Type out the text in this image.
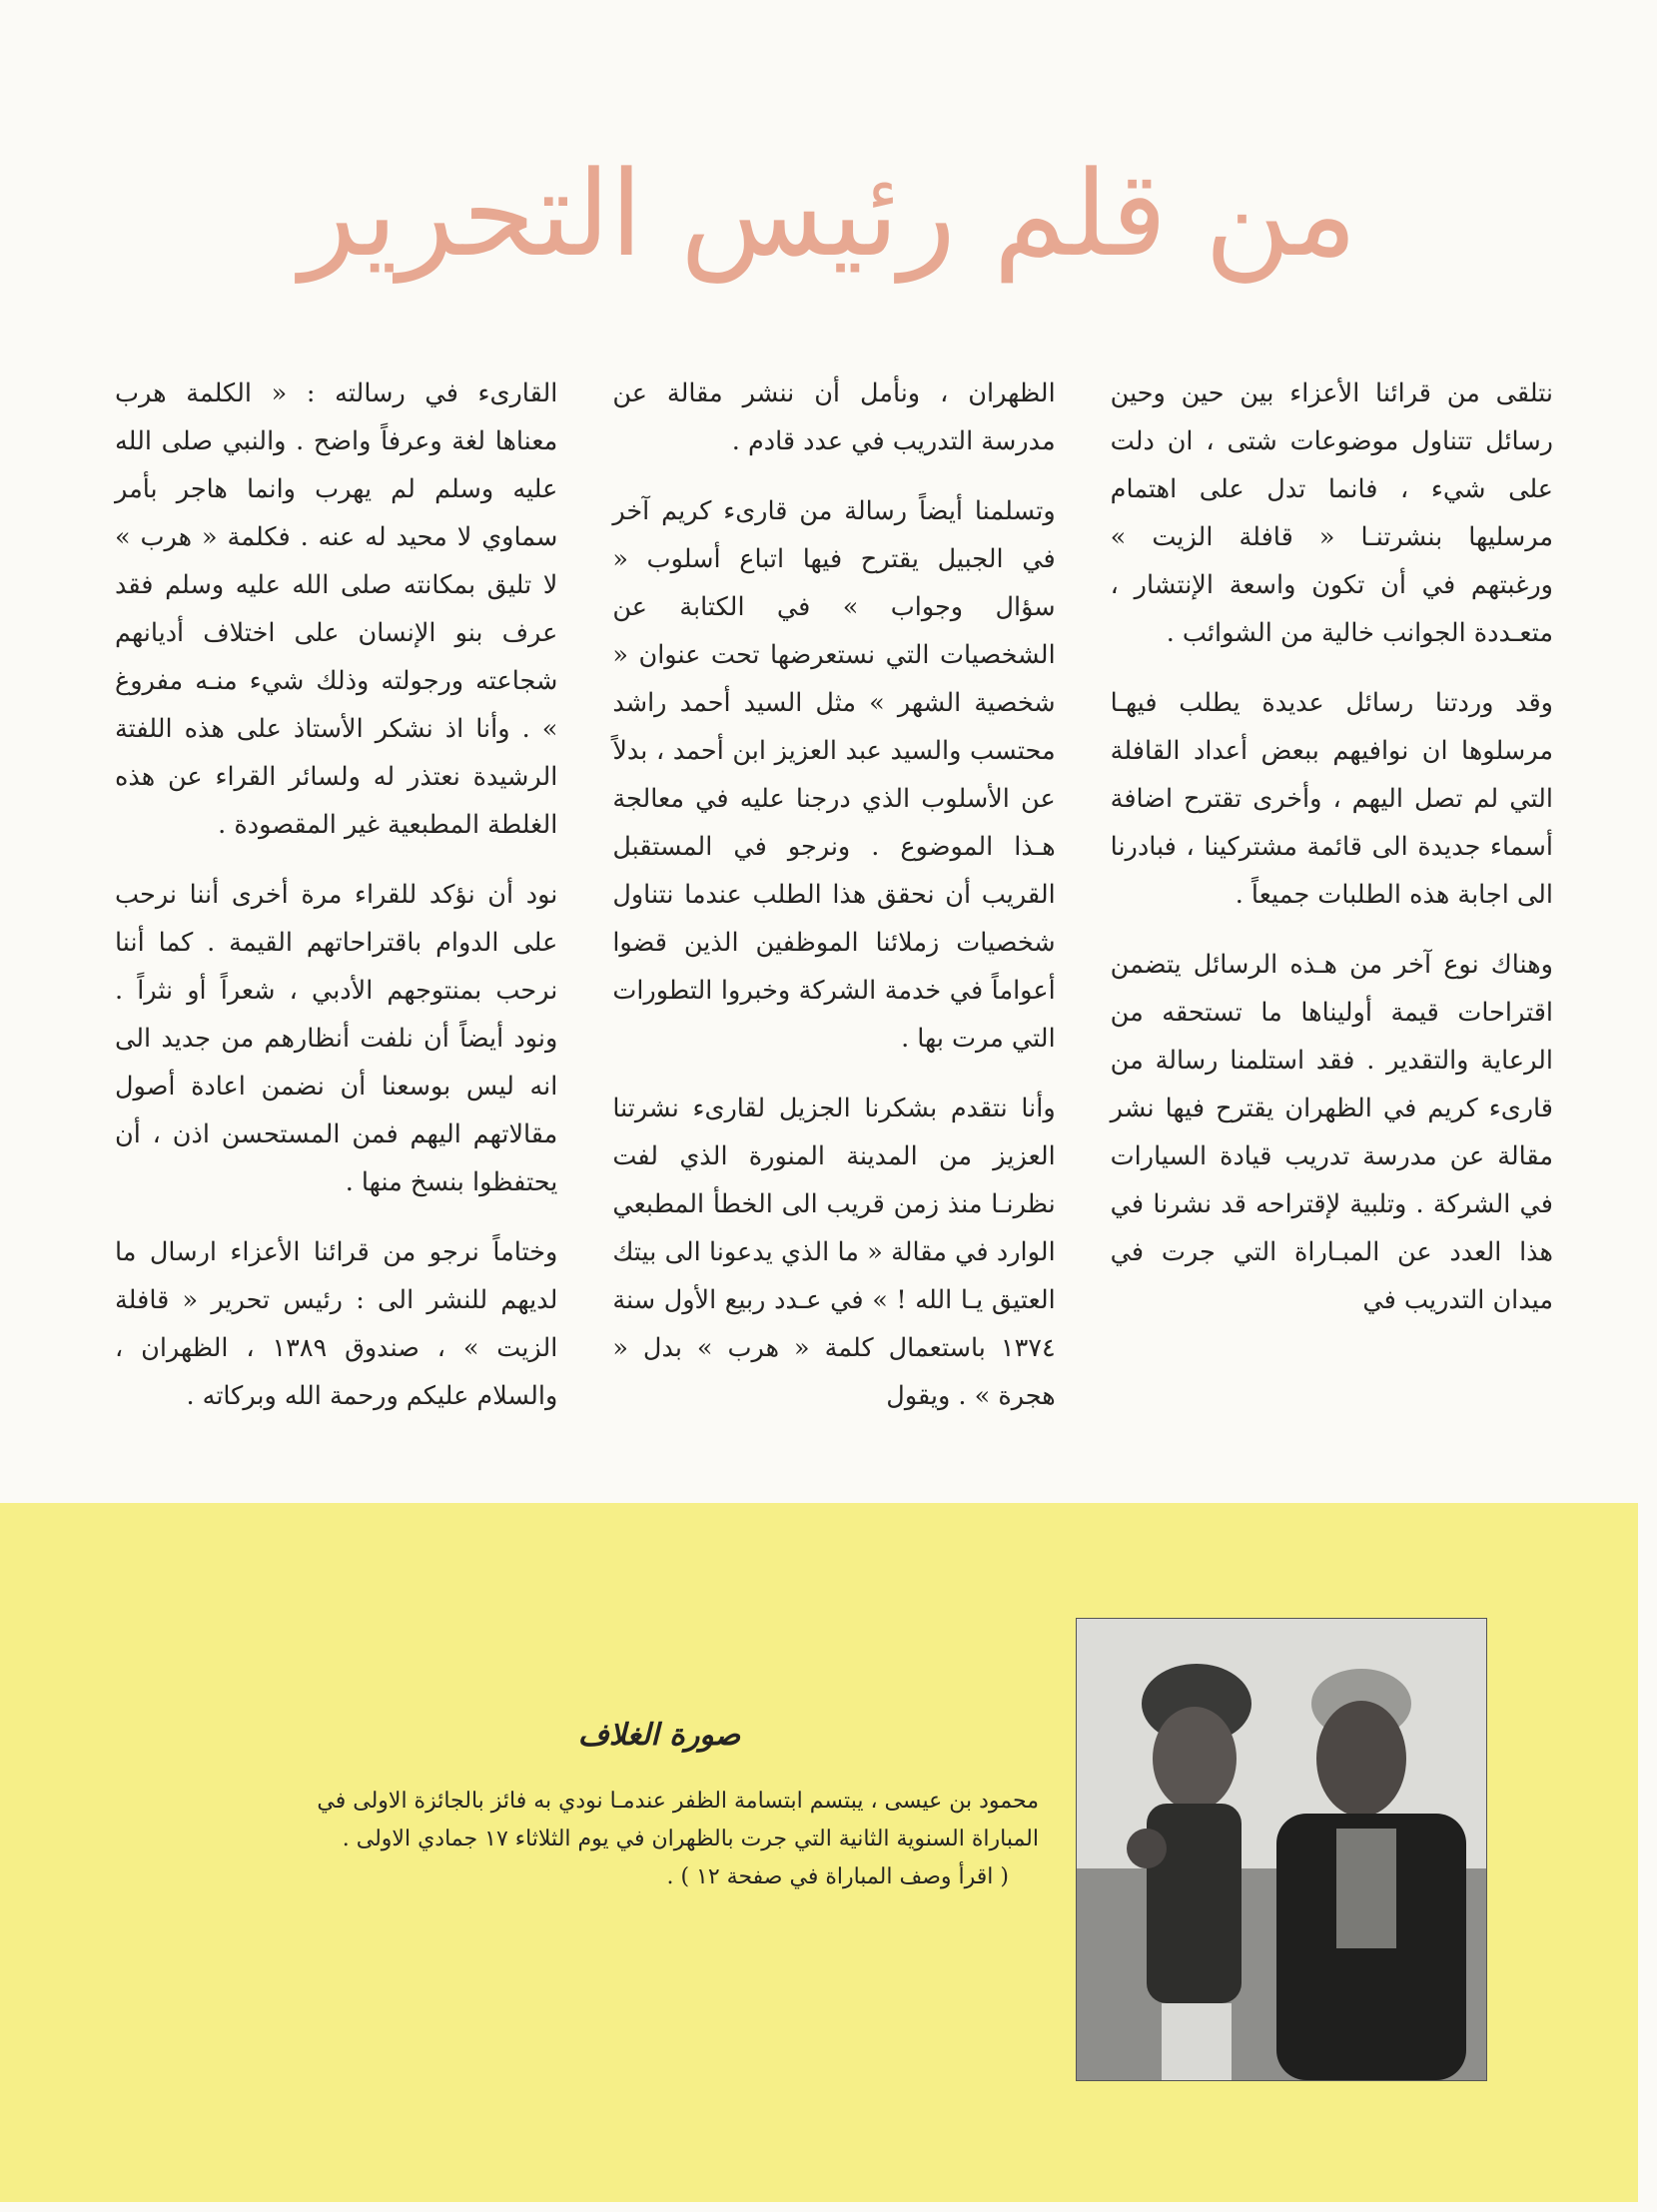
من قلم رئيس التحرير

نتلقى من قرائنا الأعزاء بين حين وحين رسائل تتناول موضوعات شتى ، ان دلت على شيء ، فانما تدل على اهتمام مرسليها بنشرتنـا « قافلة الزيت » ورغبتهم في أن تكون واسعة الإنتشار ، متعـددة الجوانب خالية من الشوائب .

وقد وردتنا رسائل عديدة يطلب فيهـا مرسلوها ان نوافيهم ببعض أعداد القافلة التي لم تصل اليهم ، وأخرى تقترح اضافة أسماء جديدة الى قائمة مشتركينا ، فبادرنا الى اجابة هذه الطلبات جميعاً .

وهناك نوع آخر من هـذه الرسائل يتضمن اقتراحات قيمة أوليناها ما تستحقه من الرعاية والتقدير . فقد استلمنا رسالة من قارىء كريم في الظهران يقترح فيها نشر مقالة عن مدرسة تدريب قيادة السيارات في الشركة . وتلبية لإقتراحه قد نشرنا في هذا العدد عن المبـاراة التي جرت في ميدان التدريب في

الظهران ، ونأمل أن ننشر مقالة عن مدرسة التدريب في عدد قادم .

وتسلمنا أيضاً رسالة من قارىء كريم آخر في الجبيل يقترح فيها اتباع أسلوب « سؤال وجواب » في الكتابة عن الشخصيات التي نستعرضها تحت عنوان « شخصية الشهر » مثل السيد أحمد راشد محتسب والسيد عبد العزيز ابن أحمد ، بدلاً عن الأسلوب الذي درجنا عليه في معالجة هـذا الموضوع . ونرجو في المستقبل القريب أن نحقق هذا الطلب عندما نتناول شخصيات زملائنا الموظفين الذين قضوا أعواماً في خدمة الشركة وخبروا التطورات التي مرت بها .

وأنا نتقدم بشكرنا الجزيل لقارىء نشرتنا العزيز من المدينة المنورة الذي لفت نظرنـا منذ زمن قريب الى الخطأ المطبعي الوارد في مقالة « ما الذي يدعونا الى بيتك العتيق يـا الله ! » في عـدد ربيع الأول سنة ١٣٧٤ باستعمال كلمة « هرب » بدل « هجرة » . ويقول

القارىء في رسالته : « الكلمة هرب معناها لغة وعرفاً واضح . والنبي صلى الله عليه وسلم لم يهرب وانما هاجر بأمر سماوي لا محيد له عنه . فكلمة « هرب » لا تليق بمكانته صلى الله عليه وسلم فقد عرف بنو الإنسان على اختلاف أديانهم شجاعته ورجولته وذلك شيء منـه مفروغ » . وأنا اذ نشكر الأستاذ على هذه اللفتة الرشيدة نعتذر له ولسائر القراء عن هذه الغلطة المطبعية غير المقصودة .

نود أن نؤكد للقراء مرة أخرى أننا نرحب على الدوام باقتراحاتهم القيمة . كما أننا نرحب بمنتوجهم الأدبي ، شعراً أو نثراً . ونود أيضاً أن نلفت أنظارهم من جديد الى انه ليس بوسعنا أن نضمن اعادة أصول مقالاتهم اليهم فمن المستحسن اذن ، أن يحتفظوا بنسخ منها .

وختاماً نرجو من قرائنا الأعزاء ارسال ما لديهم للنشر الى : رئيس تحرير « قافلة الزيت » ، صندوق ١٣٨٩ ، الظهران ، والسلام عليكم ورحمة الله وبركاته .

صورة الغلاف

محمود بن عيسى ، يبتسم ابتسامة الظفر عندمـا نودي به فائز بالجائزة الاولى في المباراة السنوية الثانية التي جرت بالظهران في يوم الثلاثاء ١٧ جمادي الاولى .

( اقرأ وصف المباراة في صفحة ١٢ ) .
